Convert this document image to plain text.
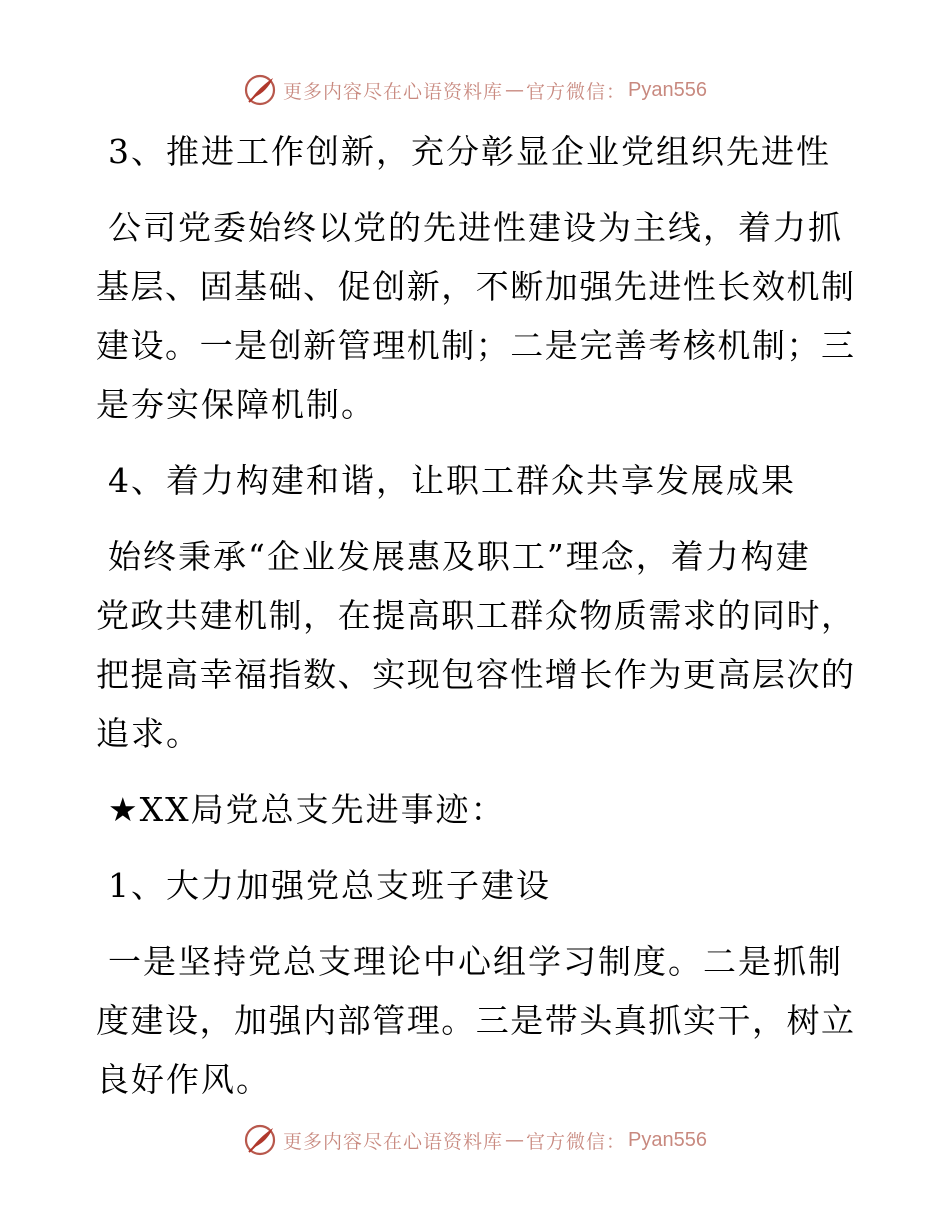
更多内容尽在心语资料库 — 官方微信： Pyan556
3、推进工作创新，充分彰显企业党组织先进性
公司党委始终以党的先进性建设为主线，着力抓
基层、固基础、促创新，不断加强先进性长效机制
建设。一是创新管理机制；二是完善考核机制；三
是夯实保障机制。
4、着力构建和谐，让职工群众共享发展成果
始终秉承“企业发展惠及职工”理念，着力构建
党政共建机制，在提高职工群众物质需求的同时，
把提高幸福指数、实现包容性增长作为更高层次的
追求。
★XX局党总支先进事迹：
1、大力加强党总支班子建设
一是坚持党总支理论中心组学习制度。二是抓制
度建设，加强内部管理。三是带头真抓实干，树立
良好作风。
更多内容尽在心语资料库 — 官方微信： Pyan556
